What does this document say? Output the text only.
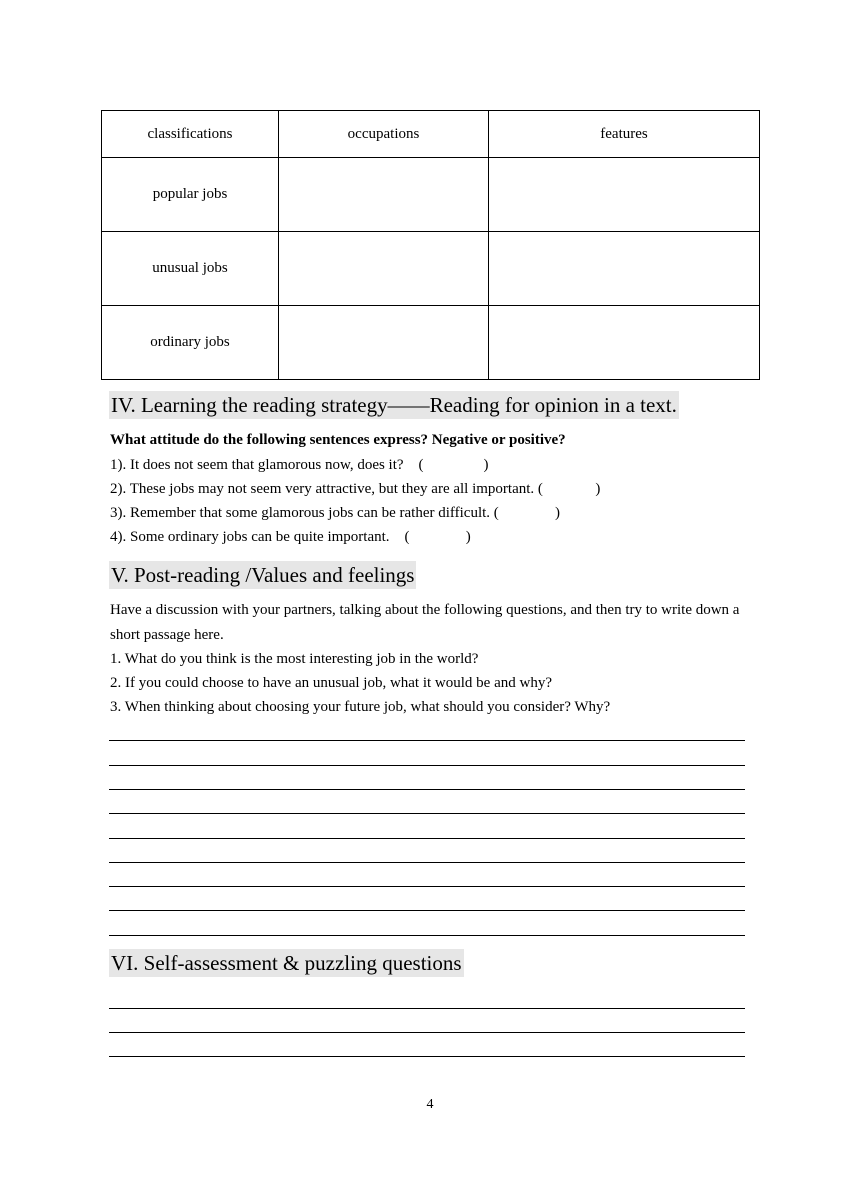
classifications	occupations	features
popular jobs		
unusual jobs		
ordinary jobs		
IV. Learning the reading strategy——Reading for opinion in a text.
What attitude do the following sentences express? Negative or positive?
1). It does not seem that glamorous now, does it?    (                )
2). These jobs may not seem very attractive, but they are all important. (              )
3). Remember that some glamorous jobs can be rather difficult. (               )
4). Some ordinary jobs can be quite important.    (               )
V. Post-reading /Values and feelings
Have a discussion with your partners, talking about the following questions, and then try to write down a short passage here.
1. What do you think is the most interesting job in the world?
2. If you could choose to have an unusual job, what it would be and why?
3. When thinking about choosing your future job, what should you consider? Why?
VI. Self-assessment & puzzling questions
4
